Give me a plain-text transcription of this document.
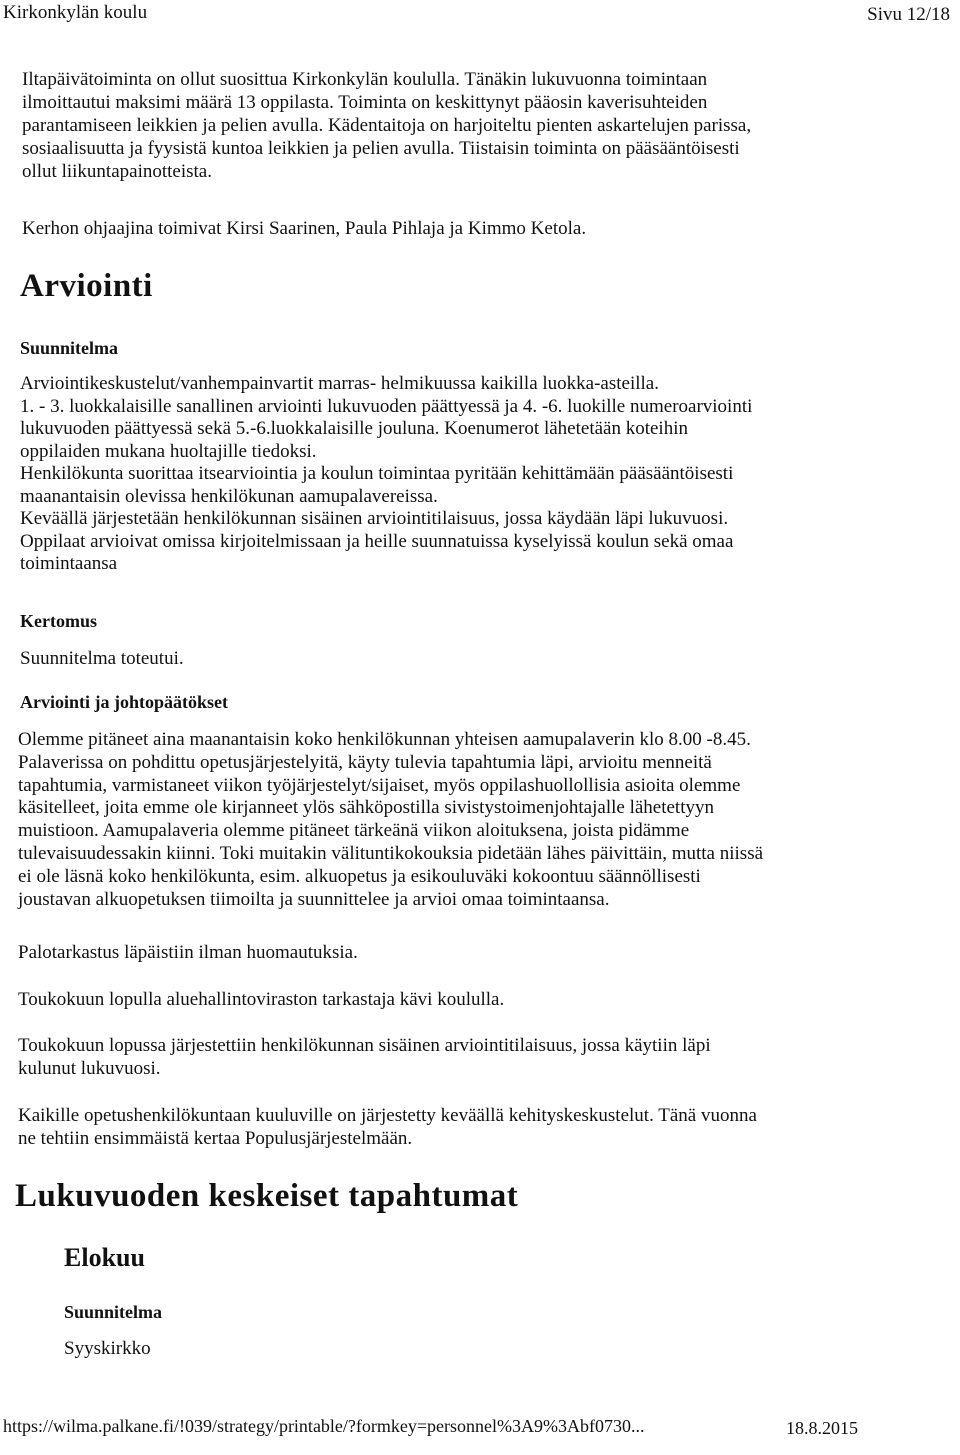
Kirkonkylän koulu	Sivu 12/18
Iltapäivätoiminta on ollut suosittua Kirkonkylän koululla. Tänäkin lukuvuonna toimintaan
ilmoittautui maksimi määrä 13 oppilasta. Toiminta on keskittynyt pääosin kaverisuhteiden
parantamiseen leikkien ja pelien avulla. Kädentaitoja on harjoiteltu pienten askartelujen parissa,
sosiaalisuutta ja fyysistä kuntoa leikkien ja pelien avulla. Tiistaisin toiminta on pääsääntöisesti
ollut liikuntapainotteista.
Kerhon ohjaajina toimivat Kirsi Saarinen, Paula Pihlaja ja Kimmo Ketola.
Arviointi
Suunnitelma
Arviointikeskustelut/vanhempainvartit marras- helmikuussa kaikilla luokka-asteilla.
1. - 3. luokkalaisille sanallinen arviointi lukuvuoden päättyessä ja 4. -6. luokille numeroarviointi
lukuvuoden päättyessä sekä 5.-6.luokkalaisille jouluna. Koenumerot lähetetään koteihin
oppilaiden mukana huoltajille tiedoksi.
Henkilökunta suorittaa itsearviointia ja koulun toimintaa pyritään kehittämään pääsääntöisesti
maanantaisin olevissa henkilökunan aamupalavereissa.
Keväällä järjestetään henkilökunnan sisäinen arviointitilaisuus, jossa käydään läpi lukuvuosi.
Oppilaat arvioivat omissa kirjoitelmissaan ja heille suunnatuissa kyselyissä koulun sekä omaa
toimintaansa
Kertomus
Suunnitelma toteutui.
Arviointi ja johtopäätökset
Olemme pitäneet aina maanantaisin koko henkilökunnan yhteisen aamupalaverin klo 8.00 -8.45.
Palaverissa on pohdittu opetusjärjestelyitä, käyty tulevia tapahtumia läpi, arvioitu menneitä
tapahtumia, varmistaneet viikon työjärjestelyt/sijaiset, myös oppilashuollollisia asioita olemme
käsitelleet, joita emme ole kirjanneet ylös sähköpostilla sivistystoimenjohtajalle lähetettyyn
muistioon. Aamupalaveria olemme pitäneet tärkeänä viikon aloituksena, joista pidämme
tulevaisuudessakin kiinni. Toki muitakin välituntikokouksia pidetään lähes päivittäin, mutta niissä
ei ole läsnä koko henkilökunta, esim. alkuopetus ja esikouluväki kokoontuu säännöllisesti
joustavan alkuopetuksen tiimoilta ja suunnittelee ja arvioi omaa toimintaansa.
Palotarkastus läpäistiin ilman huomautuksia.
Toukokuun lopulla aluehallintoviraston tarkastaja kävi koululla.
Toukokuun lopussa järjestettiin henkilökunnan sisäinen arviointitilaisuus, jossa käytiin läpi
kulunut lukuvuosi.
Kaikille opetushenkilökuntaan kuuluville on järjestetty keväällä kehityskeskustelut. Tänä vuonna
ne tehtiin ensimmäistä kertaa Populusjärjestelmään.
Lukuvuoden keskeiset tapahtumat
Elokuu
Suunnitelma
Syyskirkko
https://wilma.palkane.fi/!039/strategy/printable/?formkey=personnel%3A9%3Abf0730...	18.8.2015
